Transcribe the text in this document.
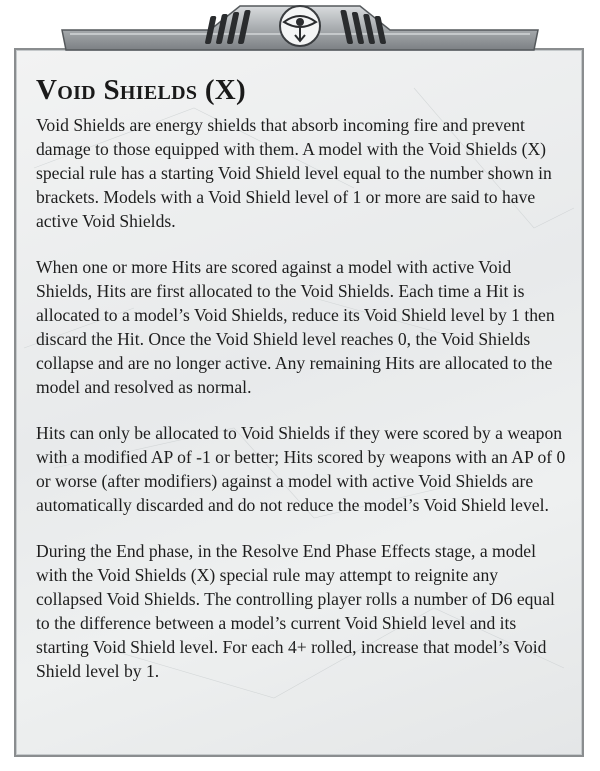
Void Shields (X)

Void Shields are energy shields that absorb incoming fire and prevent damage to those equipped with them. A model with the Void Shields (X) special rule has a starting Void Shield level equal to the number shown in brackets. Models with a Void Shield level of 1 or more are said to have active Void Shields.

When one or more Hits are scored against a model with active Void Shields, Hits are first allocated to the Void Shields. Each time a Hit is allocated to a model’s Void Shields, reduce its Void Shield level by 1 then discard the Hit. Once the Void Shield level reaches 0, the Void Shields collapse and are no longer active. Any remaining Hits are allocated to the model and resolved as normal.

Hits can only be allocated to Void Shields if they were scored by a weapon with a modified AP of -1 or better; Hits scored by weapons with an AP of 0 or worse (after modifiers) against a model with active Void Shields are automatically discarded and do not reduce the model’s Void Shield level.

During the End phase, in the Resolve End Phase Effects stage, a model with the Void Shields (X) special rule may attempt to reignite any collapsed Void Shields. The controlling player rolls a number of D6 equal to the difference between a model’s current Void Shield level and its starting Void Shield level. For each 4+ rolled, increase that model’s Void Shield level by 1.
